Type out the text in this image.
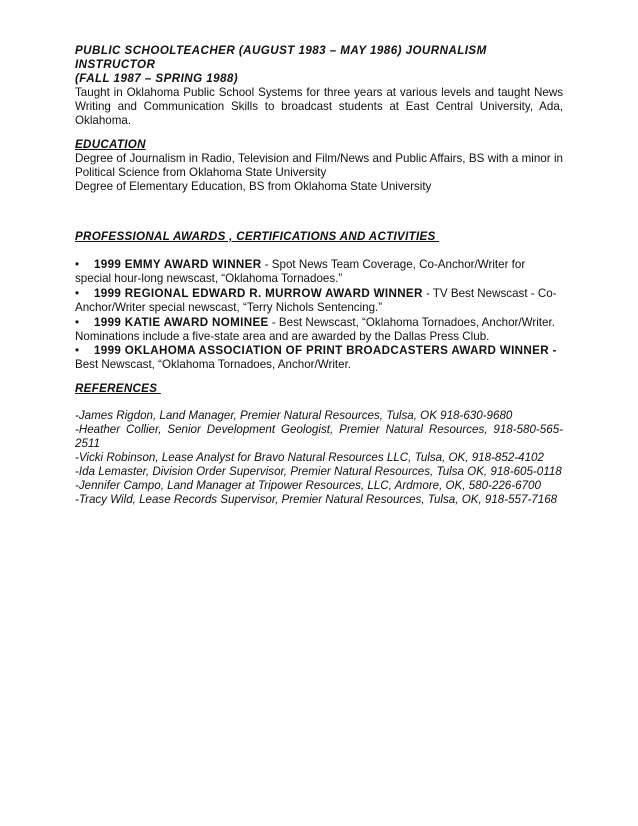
PUBLIC SCHOOLTEACHER (AUGUST 1983 – MAY 1986) JOURNALISM INSTRUCTOR
(FALL 1987 – SPRING 1988)
Taught in Oklahoma Public School Systems for three years at various levels and taught News Writing and Communication Skills to broadcast students at East Central University, Ada, Oklahoma.
EDUCATION
Degree of Journalism in Radio, Television and Film/News and Public Affairs, BS with a minor in Political Science from Oklahoma State University
Degree of Elementary Education, BS from Oklahoma State University
PROFESSIONAL AWARDS , CERTIFICATIONS AND ACTIVITIES
• 1999 EMMY AWARD WINNER - Spot News Team Coverage, Co-Anchor/Writer for special hour-long newscast, “Oklahoma Tornadoes.”
• 1999 REGIONAL EDWARD R. MURROW AWARD WINNER - TV Best Newscast - Co-Anchor/Writer special newscast, “Terry Nichols Sentencing.”
• 1999 KATIE AWARD NOMINEE - Best Newscast, “Oklahoma Tornadoes, Anchor/Writer. Nominations include a five-state area and are awarded by the Dallas Press Club.
• 1999 OKLAHOMA ASSOCIATION OF PRINT BROADCASTERS AWARD WINNER - Best Newscast, “Oklahoma Tornadoes, Anchor/Writer.
REFERENCES
-James Rigdon, Land Manager, Premier Natural Resources, Tulsa, OK 918-630-9680
-Heather Collier, Senior Development Geologist, Premier Natural Resources, 918-580-565-2511
-Vicki Robinson, Lease Analyst for Bravo Natural Resources LLC, Tulsa, OK, 918-852-4102
-Ida Lemaster, Division Order Supervisor, Premier Natural Resources, Tulsa OK, 918-605-0118
-Jennifer Campo, Land Manager at Tripower Resources, LLC, Ardmore, OK, 580-226-6700
-Tracy Wild, Lease Records Supervisor, Premier Natural Resources, Tulsa, OK, 918-557-7168
